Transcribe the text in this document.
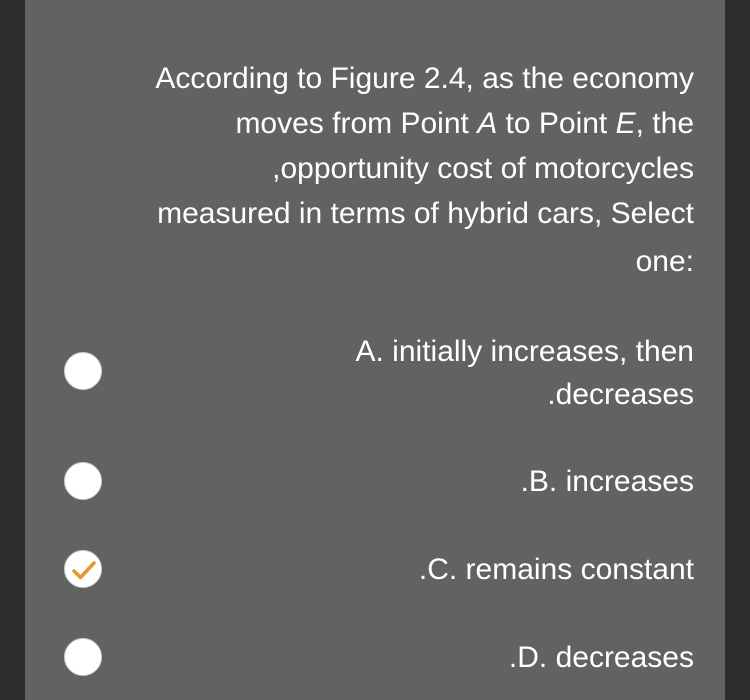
According to Figure 2.4, as the economy
moves from Point A to Point E, the
opportunity cost of motorcycles,
measured in terms of hybrid cars, Select
:one

A. initially increases, then
.decreases
.B. increases
.C. remains constant
.D. decreases
